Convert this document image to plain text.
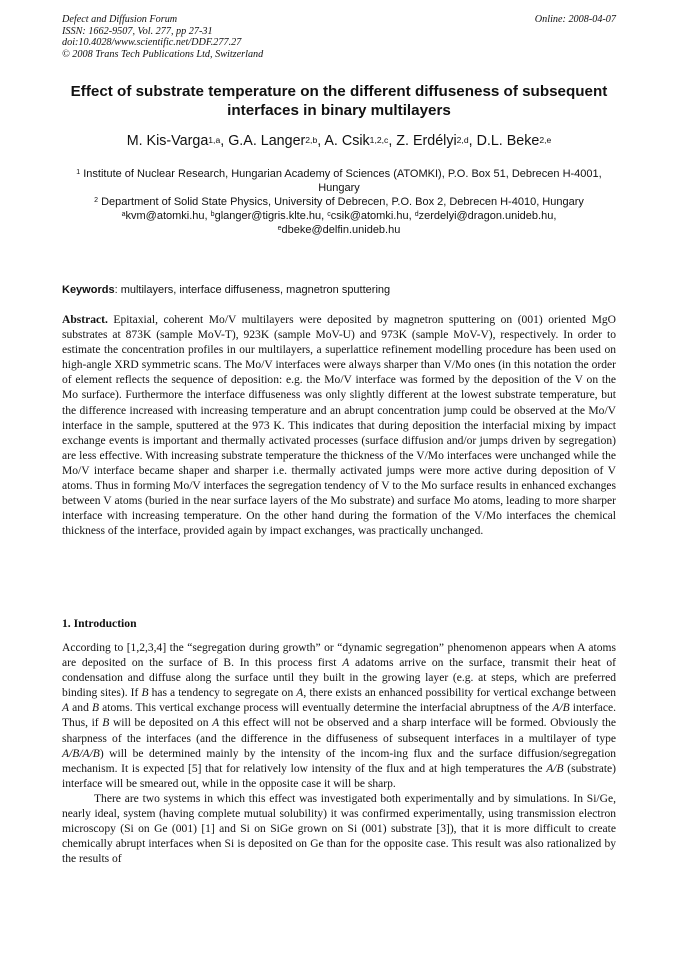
Defect and Diffusion Forum
ISSN: 1662-9507, Vol. 277, pp 27-31
doi:10.4028/www.scientific.net/DDF.277.27
© 2008 Trans Tech Publications Ltd, Switzerland
Online: 2008-04-07
Effect of substrate temperature on the different diffuseness of subsequent interfaces in binary multilayers
M. Kis-Varga$^{1,a}$, G.A. Langer$^{2,b}$, A. Csik$^{1,2,c}$, Z. Erdélyi$^{2,d}$, D.L. Beke$^{2,e}$
$^1$ Institute of Nuclear Research, Hungarian Academy of Sciences (ATOMKI), P.O. Box 51, Debrecen H-4001, Hungary
$^2$ Department of Solid State Physics, University of Debrecen, P.O. Box 2, Debrecen H-4010, Hungary
$^a$kvm@atomki.hu, $^b$glanger@tigris.klte.hu, $^c$csik@atomki.hu, $^d$zerdelyi@dragon.unideb.hu, $^e$dbeke@delfin.unideb.hu
Keywords: multilayers, interface diffuseness, magnetron sputtering
Abstract. Epitaxial, coherent Mo/V multilayers were deposited by magnetron sputtering on (001) oriented MgO substrates at 873K (sample MoV-T), 923K (sample MoV-U) and 973K (sample MoV-V), respectively. In order to estimate the concentration profiles in our multilayers, a superlattice refinement modelling procedure has been used on high-angle XRD symmetric scans. The Mo/V interfaces were always sharper than V/Mo ones (in this notation the order of element reflects the sequence of deposition: e.g. the Mo/V interface was formed by the deposition of the V on the Mo surface). Furthermore the interface diffuseness was only slightly different at the lowest substrate temperature, but the difference increased with increasing temperature and an abrupt concentration jump could be observed at the Mo/V interface in the sample, sputtered at the 973 K. This indicates that during deposition the interfacial mixing by impact exchange events is important and thermally activated processes (surface diffusion and/or jumps driven by segregation) are less effective. With increasing substrate temperature the thickness of the V/Mo interfaces were unchanged while the Mo/V interface became shaper and sharper i.e. thermally activated jumps were more active during deposition of V atoms. Thus in forming Mo/V interfaces the segregation tendency of V to the Mo surface results in enhanced exchanges between V atoms (buried in the near surface layers of the Mo substrate) and surface Mo atoms, leading to more sharper interface with increasing temperature. On the other hand during the formation of the V/Mo interfaces the chemical thickness of the interface, provided again by impact exchanges, was practically unchanged.
1. Introduction

According to [1,2,3,4] the “segregation during growth” or “dynamic segregation” phenomenon appears when A atoms are deposited on the surface of B. In this process first A adatoms arrive on the surface, transmit their heat of condensation and diffuse along the surface until they built in the growing layer (e.g. at steps, which are preferred binding sites). If B has a tendency to segregate on A, there exists an enhanced possibility for vertical exchange between A and B atoms. This vertical exchange process will eventually determine the interfacial abruptness of the A/B interface. Thus, if B will be deposited on A this effect will not be observed and a sharp interface will be formed. Obviously the sharpness of the interfaces (and the difference in the diffuseness of subsequent interfaces in a multilayer of type A/B/A/B) will be determined mainly by the intensity of the incom-ing flux and the surface diffusion/segregation mechanism. It is expected [5] that for relatively low intensity of the flux and at high temperatures the A/B (substrate) interface will be smeared out, while in the opposite case it will be sharp.

There are two systems in which this effect was investigated both experimentally and by simulations. In Si/Ge, nearly ideal, system (having complete mutual solubility) it was confirmed experimentally, using transmission electron microscopy (Si on Ge (001) [1] and Si on SiGe grown on Si (001) substrate [3]), that it is more difficult to create chemically abrupt interfaces when Si is deposited on Ge than for the opposite case. This result was also rationalized by the results of
